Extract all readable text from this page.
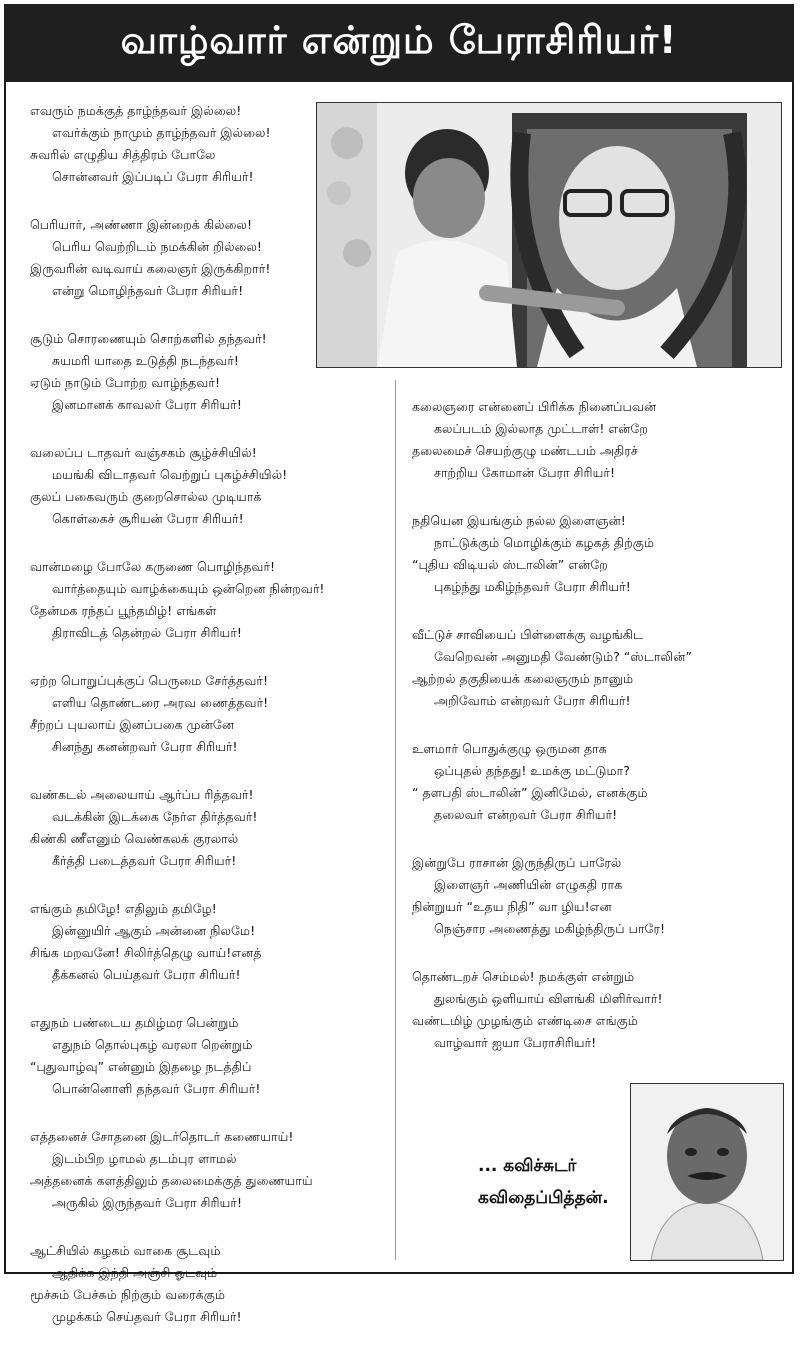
வாழ்வார் என்றும் பேராசிரியர்!
எவரும் நமக்குத் தாழ்ந்தவர் இல்லை!
எவர்க்கும் நாமும் தாழ்ந்தவர் இல்லை!
சுவரில் எழுதிய சித்திரம் போலே
சொன்னவர் இப்படிப் பேரா சிரியர்!
பெரியார், அண்ணா இன்றைக் கில்லை!
பெரிய வெற்றிடம் நமக்கின் றில்லை!
இருவரின் வடிவாய் கலைஞர் இருக்கிறார்!
என்று மொழிந்தவர் பேரா சிரியர்!
சூடும் சொரணையும் சொற்களில் தந்தவர்!
சுயமரி யாதை உடுத்தி நடந்தவர்!
ஏடும் நாடும் போற்ற வாழ்ந்தவர்!
இனமானக் காவலர் பேரா சிரியர்!
வலைப்ப டாதவர் வஞ்சகம் சூழ்ச்சியில்!
மயங்கி விடாதவர் வெற்றுப் புகழ்ச்சியில்!
குலப் பகைவரும் குறைசொல்ல முடியாக்
கொள்கைச் சூரியன் பேரா சிரியர்!
வான்மழை போலே கருணை பொழிந்தவர்!
வார்த்தையும் வாழ்க்கையும் ஒன்றென நின்றவர்!
தேன்மக ரந்தப் பூந்தமிழ்! எங்கள்
திராவிடத் தென்றல் பேரா சிரியர்!
ஏற்ற பொறுப்புக்குப் பெருமை சேர்த்தவர்!
எளிய தொண்டரை அரவ ணைத்தவர்!
சீற்றப் புயலாய் இனப்பகை முன்னே
சினந்து கனன்றவர் பேரா சிரியர்!
வண்கடல் அலையாய் ஆர்ப்ப ரித்தவர்!
வடக்கின் இடக்கை நேர்எ திர்த்தவர்!
கிண்கி ணீஎனும் வெண்கலக் குரலால்
கீர்த்தி படைத்தவர் பேரா சிரியர்!
எங்கும் தமிழே! எதிலும் தமிழே!
இன்னுயிர் ஆகும் அன்னை நிலமே!
சிங்க மறவனே! சிலிர்த்தெழு வாய்!எனத்
தீக்கனல் பெய்தவர் பேரா சிரியர்!
எதுநம் பண்டைய தமிழ்மர பென்றும்
எதுநம் தொல்புகழ் வரலா றென்றும்
“புதுவாழ்வு” என்னும் இதழை நடத்திப்
பொன்னொளி தந்தவர் பேரா சிரியர்!
எத்தனைச் சோதனை இடர்தொடர் கணையாய்!
இடம்பிற ழாமல் தடம்புர ளாமல்
அத்தனைக் களத்திலும் தலைமைக்குத் துணையாய்
அருகில் இருந்தவர் பேரா சிரியர்!
ஆட்சியில் கழகம் வாகை சூடவும்
ஆதிக்க இந்தி அஞ்சி ஓடவும்
மூச்சும் பேச்சும் நிற்கும் வரைக்கும்
முழக்கம் செய்தவர் பேரா சிரியர்!
கலைஞரை என்னைப் பிரிக்க நினைப்பவன்
கலப்படம் இல்லாத முட்டாள்! என்றே
தலைமைச் செயற்குழு மண்டபம் அதிரச்
சாற்றிய கோமான் பேரா சிரியர்!
நதியென இயங்கும் நல்ல இளைஞன்!
நாட்டுக்கும் மொழிக்கும் கழகத் திற்கும்
“புதிய விடியல் ஸ்டாலின்” என்றே
புகழ்ந்து மகிழ்ந்தவர் பேரா சிரியர்!
வீட்டுச் சாவியைப் பிள்ளைக்கு வழங்கிட
வேறெவன் அனுமதி வேண்டும்? “ஸ்டாலின்”
ஆற்றல் தகுதியைக் கலைஞரும் நானும்
அறிவோம் என்றவர் பேரா சிரியர்!
உளமார் பொதுக்குழு ஒருமன தாக
ஒப்புதல் தந்தது! உமக்கு மட்டுமா?
“ தளபதி ஸ்டாலின்” இனிமேல், எனக்கும்
தலைவர் என்றவர் பேரா சிரியர்!
இன்றுபே ராசான் இருந்திருப் பாரேல்
இளைஞர் அணியின் எழுகதி ராக
நின்றுயர் “உதய நிதி” வா ழிய!என
நெஞ்சார அணைத்து மகிழ்ந்திருப் பாரே!
தொண்டறச் செம்மல்! நமக்குள் என்றும்
துலங்கும் ஒளியாய் விளங்கி மிளிர்வார்!
வண்டமிழ் முழங்கும் எண்டிசை எங்கும்
வாழ்வார் ஐயா பேராசிரியர்!
... கவிச்சுடர்
கவிதைப்பித்தன்.
